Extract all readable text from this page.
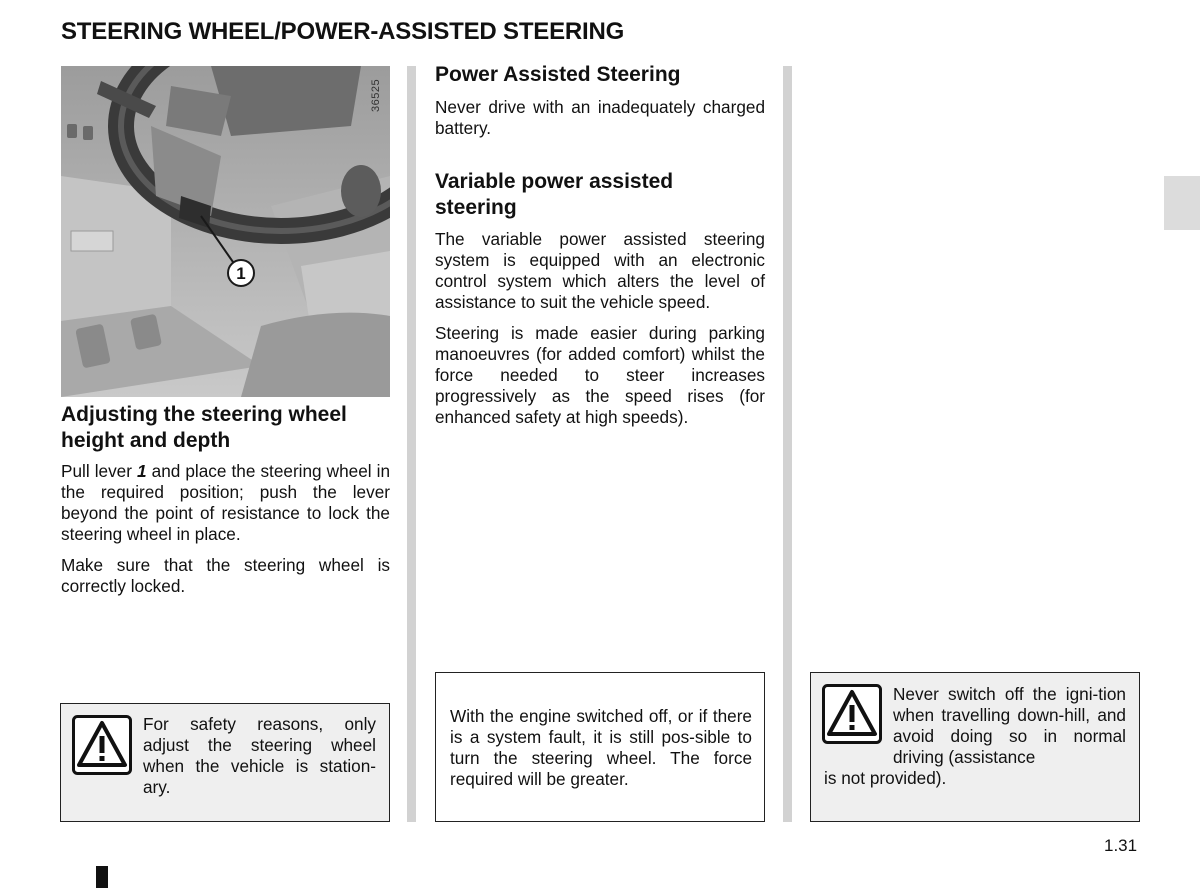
STEERING WHEEL/POWER-ASSISTED STEERING
1
36525
Adjusting the steering wheel height and depth
Pull lever 1 and place the steering wheel in the required position; push the lever beyond the point of resistance to lock the steering wheel in place.
Make sure that the steering wheel is correctly locked.
Power Assisted Steering
Never drive with an inadequately charged battery.
Variable power assisted steering
The variable power assisted steering system is equipped with an electronic control system which alters the level of assistance to suit the vehicle speed.
Steering is made easier during parking manoeuvres (for added comfort) whilst the force needed to steer increases progressively as the speed rises (for enhanced safety at high speeds).
For safety reasons, only adjust the steering wheel when the vehicle is station-ary.
With the engine switched off, or if there is a system fault, it is still pos-sible to turn the steering wheel. The force required will be greater.
Never switch off the igni-tion when travelling down-hill, and avoid doing so in normal driving (assistance
is not provided).
1.31
